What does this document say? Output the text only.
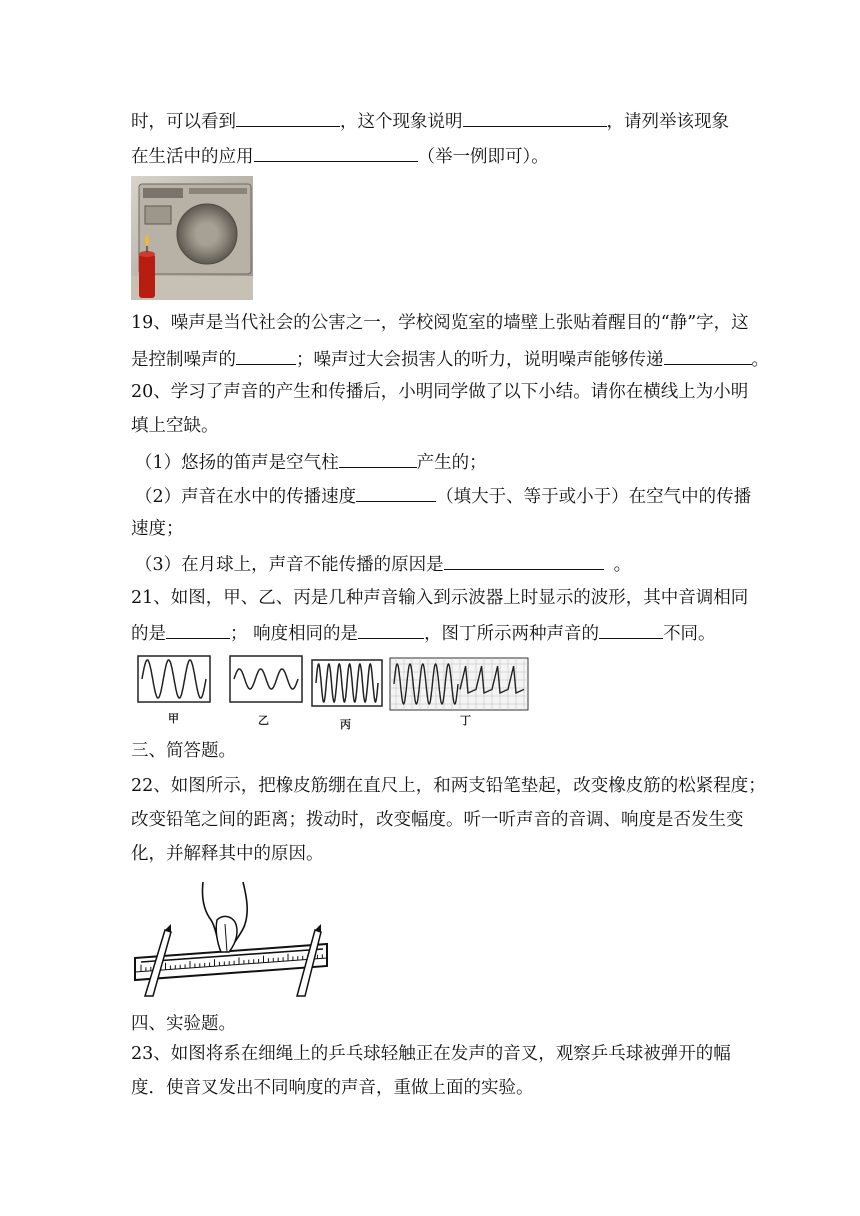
时，可以看到	，这个现象说明	，请列举该现象
在生活中的应用	（举一例即可）。
19、噪声是当代社会的公害之一，学校阅览室的墙壁上张贴着醒目的“静”字，这
是控制噪声的	；噪声过大会损害人的听力，说明噪声能够传递	。
20、学习了声音的产生和传播后，小明同学做了以下小结。请你在横线上为小明
填上空缺。
（1）悠扬的笛声是空气柱	产生的；
（2）声音在水中的传播速度	（填大于、等于或小于）在空气中的传播
速度；
（3）在月球上，声音不能传播的原因是	。
21、如图，甲、乙、丙是几种声音输入到示波器上时显示的波形，其中音调相同
的是	； 响度相同的是	，图丁所示两种声音的	不同。
甲	乙	丙	丁
三、简答题。
22、如图所示，把橡皮筋绷在直尺上，和两支铅笔垫起，改变橡皮筋的松紧程度；
改变铅笔之间的距离；拨动时，改变幅度。听一听声音的音调、响度是否发生变
化，并解释其中的原因。
四、实验题。
23、如图将系在细绳上的乒乓球轻触正在发声的音叉，观察乒乓球被弹开的幅
度．使音叉发出不同响度的声音，重做上面的实验。
